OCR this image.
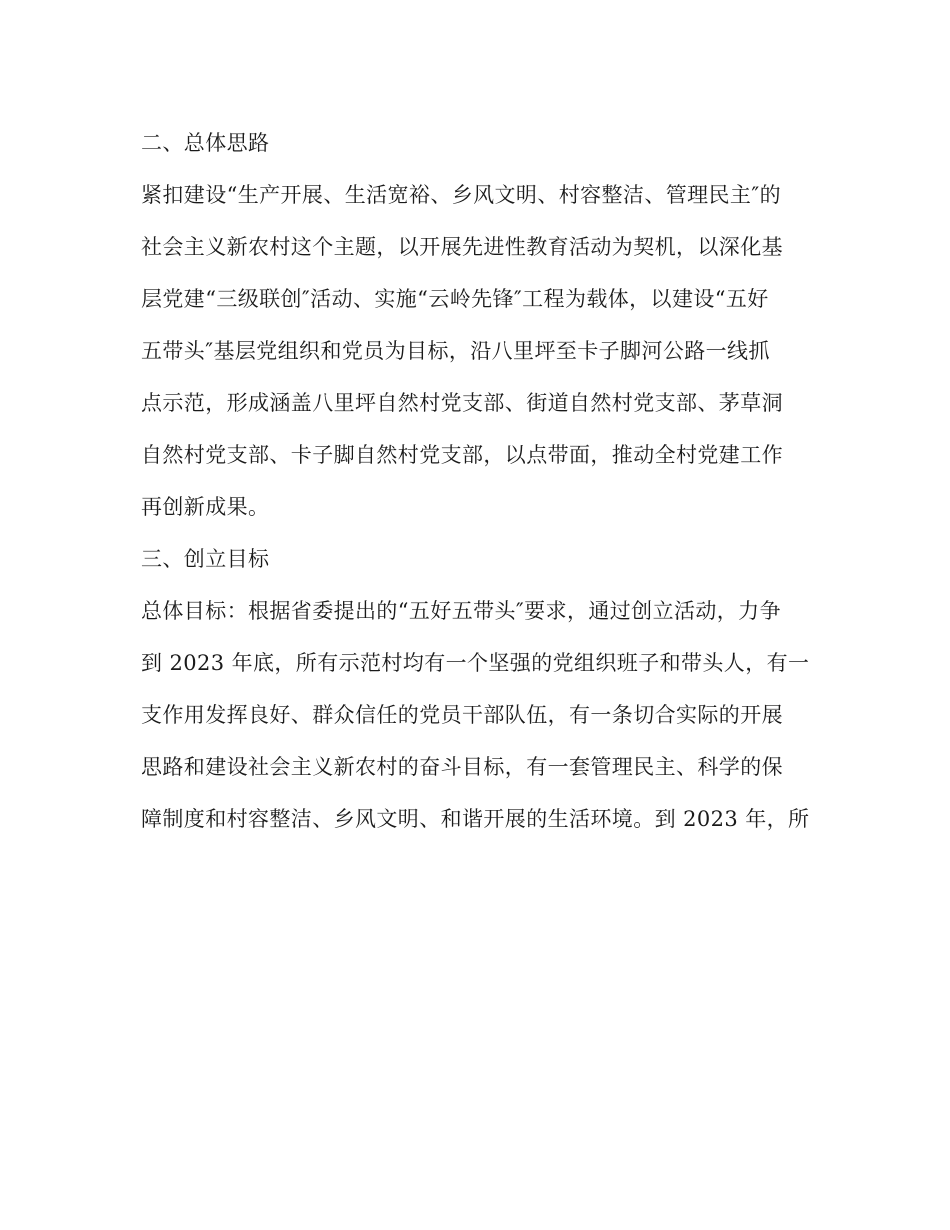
二、总体思路

紧扣建设“生产开展、生活宽裕、乡风文明、村容整洁、管理民主″的

社会主义新农村这个主题，以开展先进性教育活动为契机，以深化基

层党建“三级联创″活动、实施“云岭先锋″工程为载体，以建设“五好

五带头″基层党组织和党员为目标，沿八里坪至卡子脚河公路一线抓

点示范，形成涵盖八里坪自然村党支部、街道自然村党支部、茅草洞

自然村党支部、卡子脚自然村党支部，以点带面，推动全村党建工作

再创新成果。

三、创立目标

总体目标：根据省委提出的“五好五带头″要求，通过创立活动，力争

到 2023 年底，所有示范村均有一个坚强的党组织班子和带头人，有一

支作用发挥良好、群众信任的党员干部队伍，有一条切合实际的开展

思路和建设社会主义新农村的奋斗目标，有一套管理民主、科学的保

障制度和村容整洁、乡风文明、和谐开展的生活环境。到 2023 年，所
